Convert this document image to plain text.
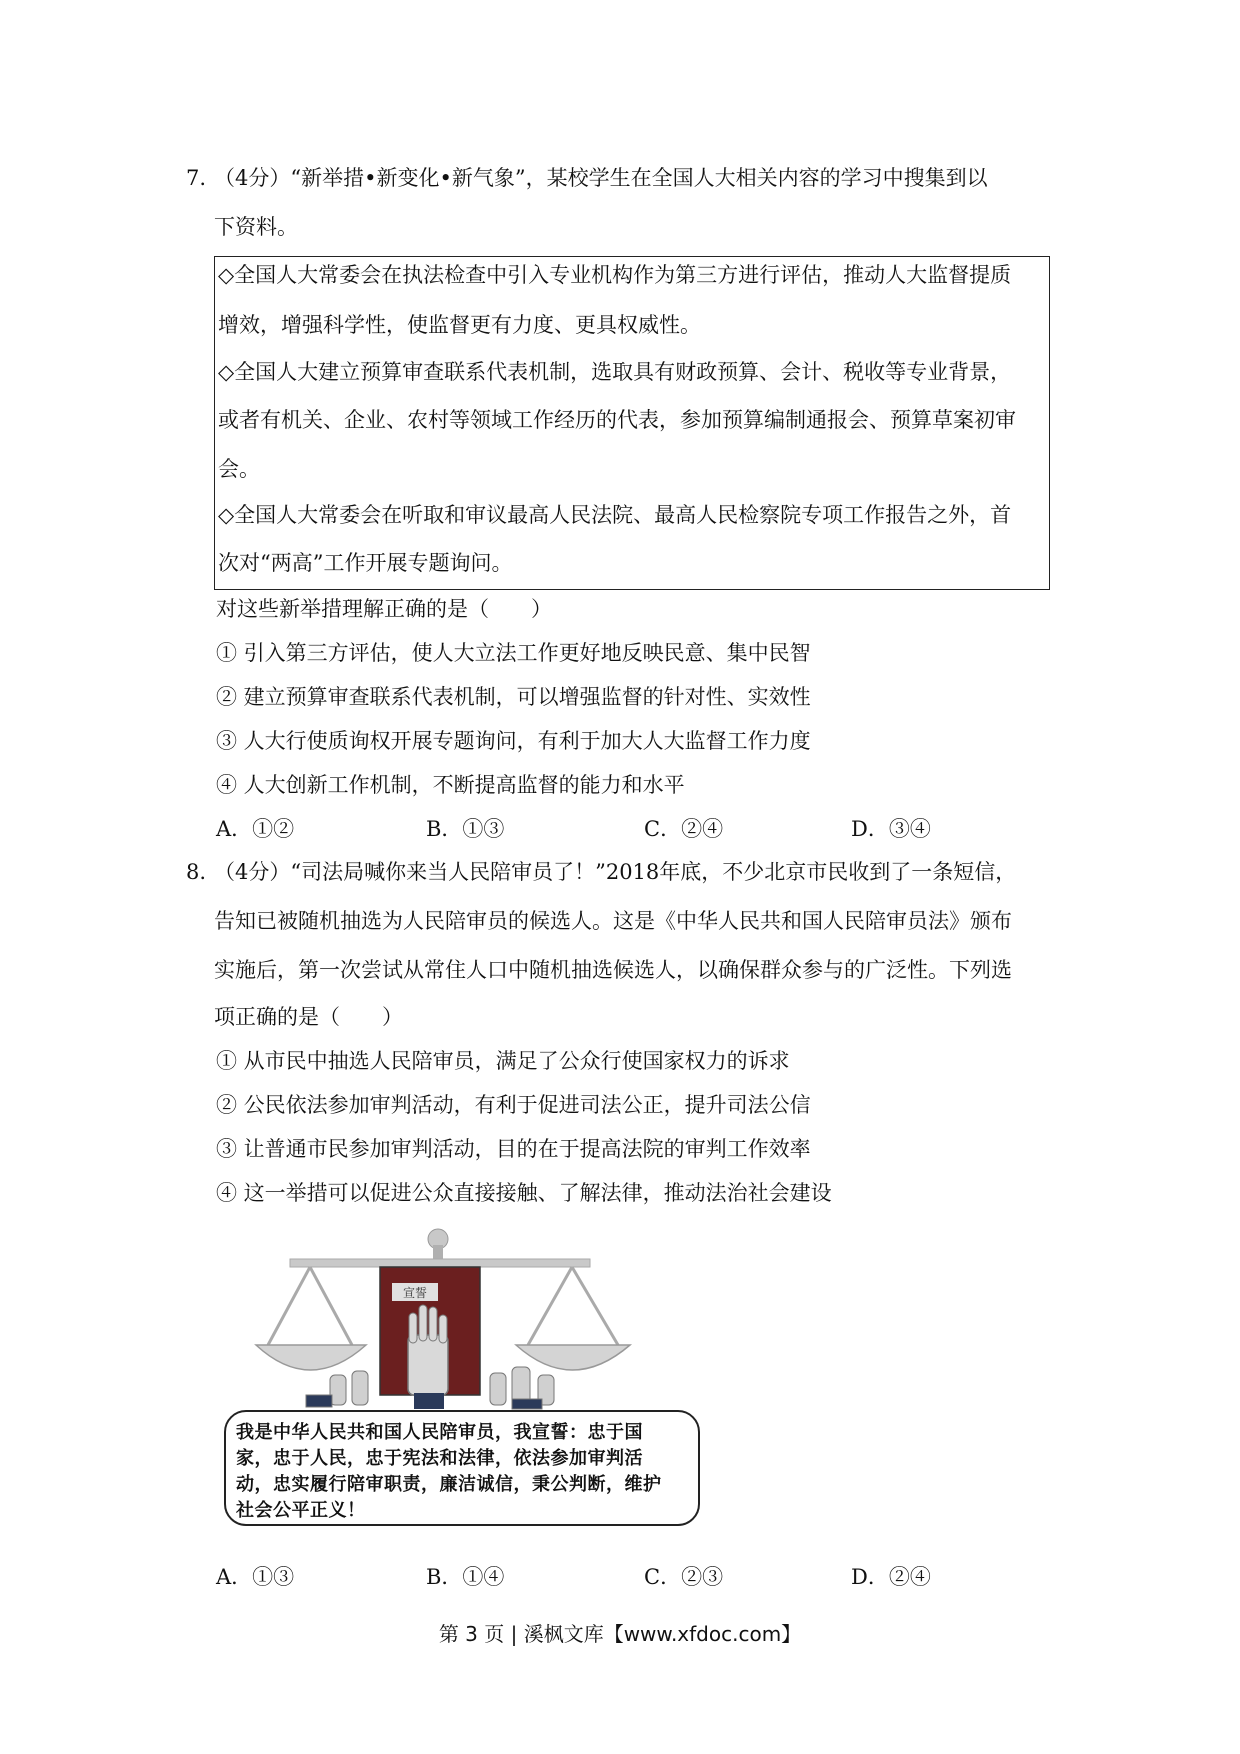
7. （4分）“新举措•新变化•新气象”，某校学生在全国人大相关内容的学习中搜集到以
下资料。
◇全国人大常委会在执法检查中引入专业机构作为第三方进行评估，推动人大监督提质
增效，增强科学性，使监督更有力度、更具权威性。
◇全国人大建立预算审查联系代表机制，选取具有财政预算、会计、税收等专业背景，
或者有机关、企业、农村等领域工作经历的代表，参加预算编制通报会、预算草案初审
会。
◇全国人大常委会在听取和审议最高人民法院、最高人民检察院专项工作报告之外，首
次对“两高”工作开展专题询问。
对这些新举措理解正确的是（　　）
① 引入第三方评估，使人大立法工作更好地反映民意、集中民智
② 建立预算审查联系代表机制，可以增强监督的针对性、实效性
③ 人大行使质询权开展专题询问，有利于加大人大监督工作力度
④ 人大创新工作机制，不断提高监督的能力和水平
A．①②	B．①③	C．②④	D．③④
8. （4分）“司法局喊你来当人民陪审员了！”2018年底，不少北京市民收到了一条短信，
告知已被随机抽选为人民陪审员的候选人。这是《中华人民共和国人民陪审员法》颁布
实施后，第一次尝试从常住人口中随机抽选候选人，以确保群众参与的广泛性。下列选
项正确的是（　　）
① 从市民中抽选人民陪审员，满足了公众行使国家权力的诉求
② 公民依法参加审判活动，有利于促进司法公正，提升司法公信
③ 让普通市民参加审判活动，目的在于提高法院的审判工作效率
④ 这一举措可以促进公众直接接触、了解法律，推动法治社会建设
宣誓
我是中华人民共和国人民陪审员，我宣誓：忠于国
家，忠于人民，忠于宪法和法律，依法参加审判活
动，忠实履行陪审职责，廉洁诚信，秉公判断，维护
社会公平正义！
A．①③	B．①④	C．②③	D．②④
第 3 页 | 溪枫文库【www.xfdoc.com】
